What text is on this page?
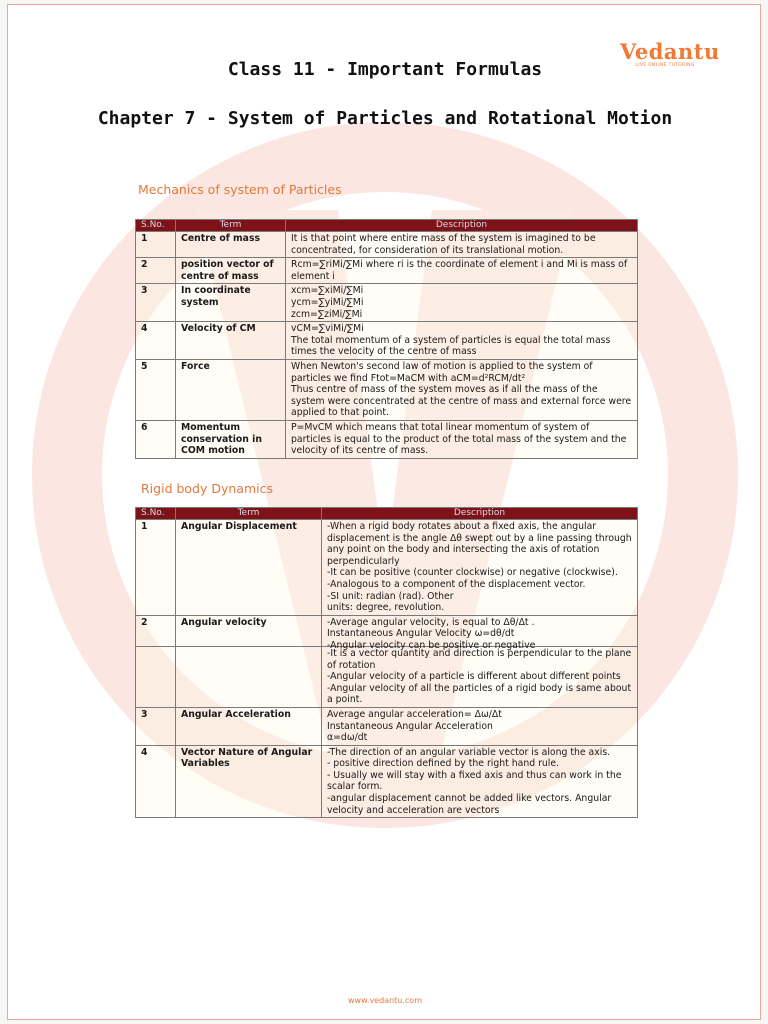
Vedantu
LIVE ONLINE TUTORING
Class 11 - Important Formulas
Chapter 7 - System of Particles and Rotational Motion
Mechanics of system of Particles
S.No.	Term	Description
1	Centre of mass	It is that point where entire mass of the system is imagined to be concentrated, for consideration of its translational motion.

2	position vector of centre of mass	Rcm=∑riMi/∑Mi where ri is the coordinate of element i and Mi is mass of element i

3	In coordinate system	xcm=∑xiMi/∑Mi
ycm=∑yiMi/∑Mi
zcm=∑ziMi/∑Mi

4	Velocity of CM	vCM=∑viMi/∑Mi
The total momentum of a system of particles is equal the total mass times the velocity of the centre of mass

5	Force	When Newton's second law of motion is applied to the system of particles we find Ftot=MaCM with aCM=d²RCM/dt²
Thus centre of mass of the system moves as if all the mass of the system were concentrated at the centre of mass and external force were applied to that point.

6	Momentum conservation in COM motion	P=MvCM which means that total linear momentum of system of particles is equal to the product of the total mass of the system and the velocity of its centre of mass.
Rigid body Dynamics
S.No.	Term	Description
1	Angular Displacement	-When a rigid body rotates about a fixed axis, the angular displacement is the angle Δθ swept out by a line passing through any point on the body and intersecting the axis of rotation perpendicularly
-It can be positive (counter clockwise) or negative (clockwise).
-Analogous to a component of the displacement vector.
-SI unit: radian (rad). Other
units: degree, revolution.

2	Angular velocity	-Average angular velocity, is equal to Δθ/Δt .
Instantaneous Angular Velocity ω=dθ/dt
-Angular velocity can be positive or negative

		-It is a vector quantity and direction is perpendicular to the plane of rotation
-Angular velocity of a particle is different about different points
-Angular velocity of all the particles of a rigid body is same about a point.

3	Angular Acceleration	Average angular acceleration= Δω/Δt
Instantaneous Angular Acceleration
α=dω/dt

4	Vector Nature of Angular Variables	-The direction of an angular variable vector is along the axis.
- positive direction defined by the right hand rule.
- Usually we will stay with a fixed axis and thus can work in the scalar form.
-angular displacement cannot be added like vectors. Angular velocity and acceleration are vectors
www.vedantu.com
